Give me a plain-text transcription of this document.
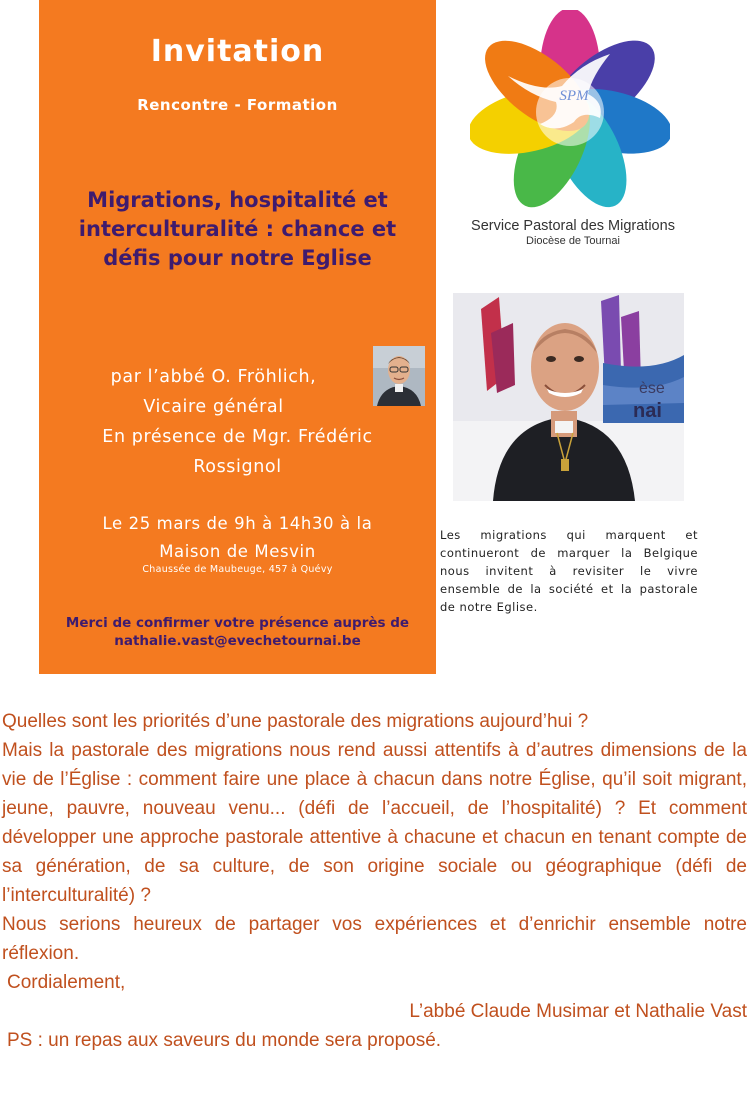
Invitation
Rencontre - Formation

Migrations, hospitalité et interculturalité : chance et défis pour notre Eglise

par l’abbé O. Fröhlich,
Vicaire général
En présence de Mgr. Frédéric
Rossignol
Le 25 mars de 9h à 14h30 à la
Maison de Mesvin
Chaussée de Maubeuge, 457 à Quévy
Merci de confirmer votre présence auprès de
nathalie.vast@evechetournai.be
SPM
Service Pastoral des Migrations
Diocèse de Tournai
èse
nai

Les migrations qui marquent et continueront de marquer la Belgique nous invitent à revisiter le vivre ensemble de la société et la pastorale de notre Eglise.

Quelles sont les priorités d’une pastorale des migrations aujourd’hui ?

Mais la pastorale des migrations nous rend aussi attentifs à d’autres dimensions de la vie de l’Église : comment faire une place à chacun dans notre Église, qu’il soit migrant, jeune, pauvre, nouveau venu... (défi de l’accueil, de l’hospitalité) ? Et comment développer une approche pastorale attentive à chacune et chacun en tenant compte de sa génération, de sa culture, de son origine sociale ou géographique (défi de l’interculturalité) ?

Nous serions heureux de partager vos expériences et d’enrichir ensemble notre réflexion.

Cordialement,

L’abbé Claude Musimar et Nathalie Vast

PS : un repas aux saveurs du monde sera proposé.
